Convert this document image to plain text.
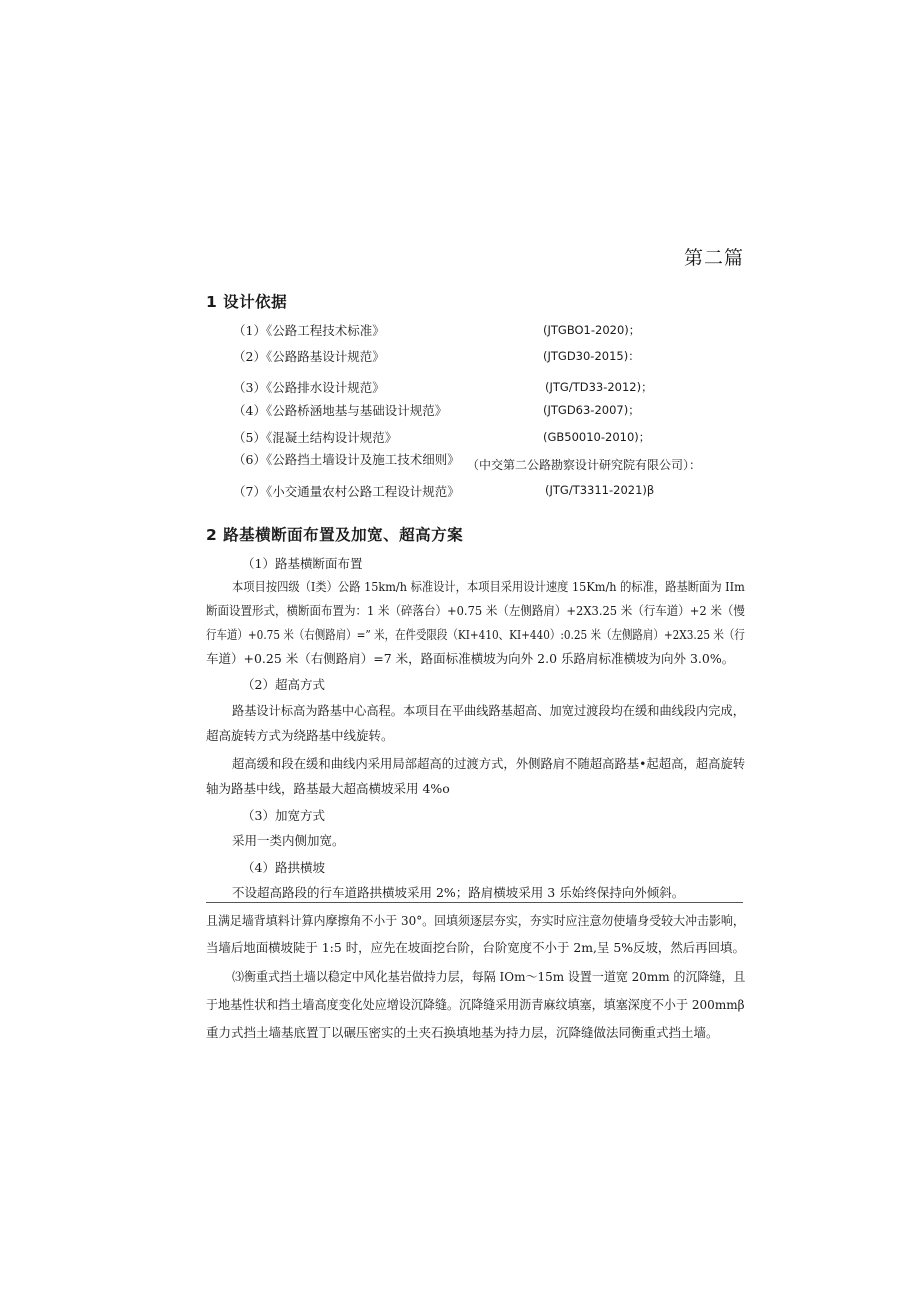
第二篇
1 设计依据
（1）《公路工程技术标准》	(JTGBO1-2020)；
（2）《公路路基设计规范》	(JTGD30-2015)：
（3）《公路排水设计规范》	(JTG/TD33-2012)；
（4）《公路桥涵地基与基础设计规范》	(JTGD63-2007)；
（5）《混凝土结构设计规范》	(GB50010-2010)；
（6）《公路挡土墙设计及施工技术细则》 （中交第二公路勘察设计研究院有限公司）：
（7）《小交通量农村公路工程设计规范》	(JTG/T3311-2021)β
2 路基横断面布置及加宽、超高方案
（1）路基横断面布置
本项目按四级（I类）公路 15km/h 标准设计，本项目采用设计速度 15Km/h 的标准，路基断面为 IIm
断面设置形式，横断面布置为：1 米（碎落台）+0.75 米（左侧路肩）+2X3.25 米（行车道）+2 米（慢
行车道）+0.75 米（右侧路肩）=” 米，在件受限段（KI+410、KI+440）:0.25 米（左侧路肩）+2X3.25 米（行
车道）+0.25 米（右侧路肩）=7 米，路面标准横坡为向外 2.0 乐路肩标准横坡为向外 3.0%。
（2）超高方式
路基设计标高为路基中心高程。本项目在平曲线路基超高、加宽过渡段均在缓和曲线段内完成，
超高旋转方式为绕路基中线旋转。
超高缓和段在缓和曲线内采用局部超高的过渡方式，外侧路肩不随超高路基•起超高，超高旋转
轴为路基中线，路基最大超高横坡采用 4%o
（3）加宽方式
采用一类内侧加宽。
（4）路拱横坡
不设超高路段的行车道路拱横坡采用 2%；路肩横坡采用 3 乐始终保持向外倾斜。
且满足墙背填料计算内摩擦角不小于 30°。回填须逐层夯实，夯实时应注意勿使墙身受较大冲击影响，
当墙后地面横坡陡于 1:5 时，应先在坡面挖台阶，台阶宽度不小于 2m,呈 5%反坡，然后再回填。
⑶衡重式挡土墙以稳定中风化基岩做持力层，每隔 IOm〜15m 设置一道宽 20mm 的沉降缝，且
于地基性状和挡土墙高度变化处应增设沉降缝。沉降缝采用沥青麻纹填塞，填塞深度不小于 200mmβ
重力式挡土墙基底置丁以碾压密实的土夹石换填地基为持力层，沉降缝做法同衡重式挡土墙。
